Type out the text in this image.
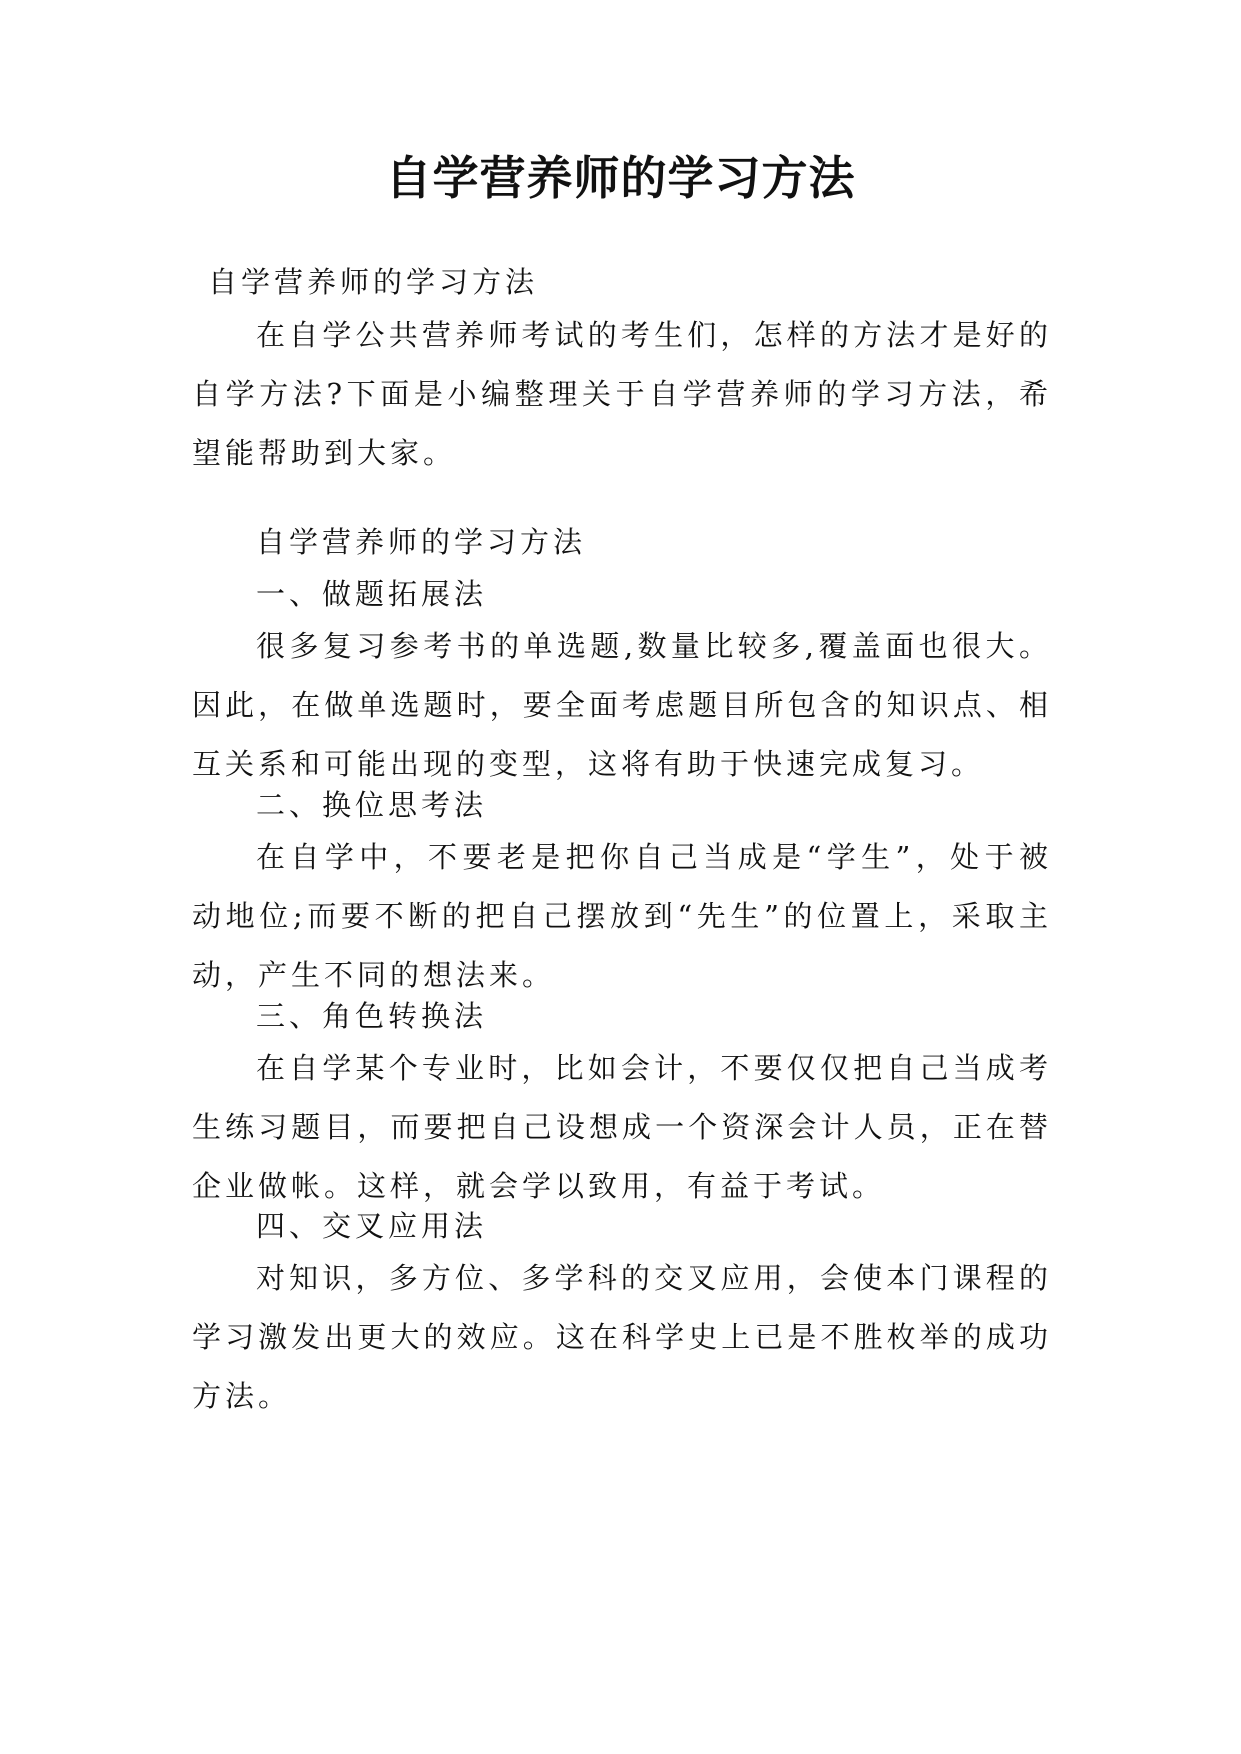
自学营养师的学习方法

自学营养师的学习方法

在自学公共营养师考试的考生们，怎样的方法才是好的自学方法?下面是小编整理关于自学营养师的学习方法，希望能帮助到大家。

自学营养师的学习方法

一、做题拓展法

很多复习参考书的单选题,数量比较多,覆盖面也很大。因此，在做单选题时，要全面考虑题目所包含的知识点、相互关系和可能出现的变型，这将有助于快速完成复习。

二、换位思考法

在自学中，不要老是把你自己当成是“学生”，处于被动地位;而要不断的把自己摆放到“先生”的位置上，采取主动，产生不同的想法来。

三、角色转换法

在自学某个专业时，比如会计，不要仅仅把自己当成考生练习题目，而要把自己设想成一个资深会计人员，正在替企业做帐。这样，就会学以致用，有益于考试。

四、交叉应用法

对知识，多方位、多学科的交叉应用，会使本门课程的学习激发出更大的效应。这在科学史上已是不胜枚举的成功方法。
